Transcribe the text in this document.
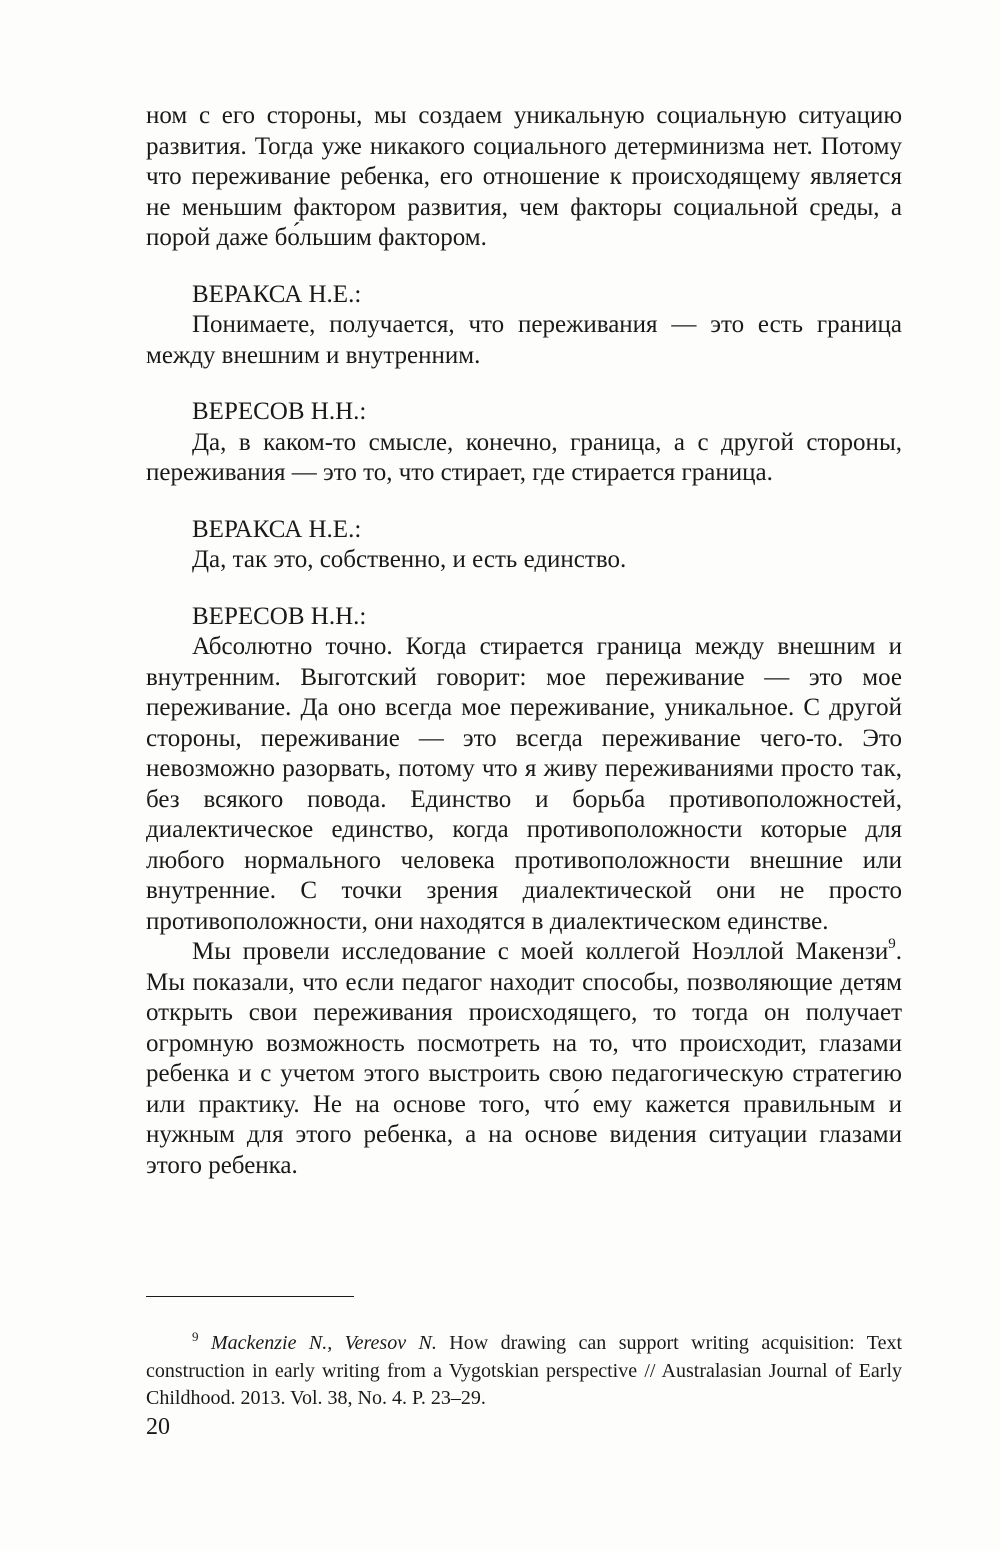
ном с его стороны, мы создаем уникальную социальную ситуацию развития. Тогда уже никакого социального детерминизма нет. Потому что переживание ребенка, его отношение к происходящему является не меньшим фактором развития, чем факторы социальной среды, а порой даже бо́льшим фактором.

ВЕРАКСА Н.Е.:

Понимаете, получается, что переживания — это есть граница между внешним и внутренним.

ВЕРЕСОВ Н.Н.:

Да, в каком-то смысле, конечно, граница, а с другой стороны, переживания — это то, что стирает, где стирается граница.

ВЕРАКСА Н.Е.:

Да, так это, собственно, и есть единство.

ВЕРЕСОВ Н.Н.:

Абсолютно точно. Когда стирается граница между внешним и внутренним. Выготский говорит: мое переживание — это мое переживание. Да оно всегда мое переживание, уникальное. С другой стороны, переживание — это всегда переживание чего-то. Это невозможно разорвать, потому что я живу переживаниями просто так, без всякого повода. Единство и борьба противоположностей, диалектическое единство, когда противоположности которые для любого нормального человека противоположности внешние или внутренние. С точки зрения диалектической они не просто противоположности, они находятся в диалектическом единстве.

Мы провели исследование с моей коллегой Ноэллой Макензи$^9$. Мы показали, что если педагог находит способы, позволяющие детям открыть свои переживания происходящего, то тогда он получает огромную возможность посмотреть на то, что происходит, глазами ребенка и с учетом этого выстроить свою педагогическую стратегию или практику. Не на основе того, что́ ему кажется правильным и нужным для этого ребенка, а на основе видения ситуации глазами этого ребенка.

$^9$ Mackenzie N., Veresov N. How drawing can support writing acquisition: Text construction in early writing from a Vygotskian perspective // Australasian Journal of Early Childhood. 2013. Vol. 38, No. 4. P. 23–29.

20
